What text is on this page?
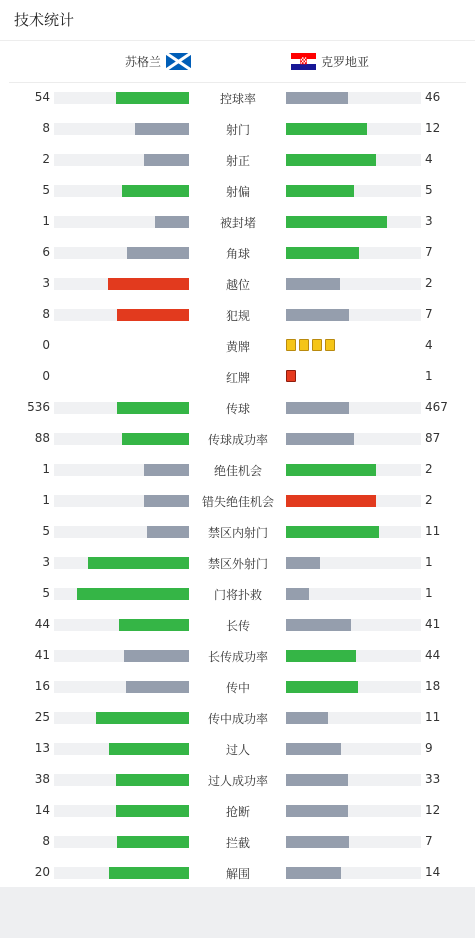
技术统计
苏格兰	克罗地亚
54	控球率	46
8	射门	12
2	射正	4
5	射偏	5
1	被封堵	3
6	角球	7
3	越位	2
8	犯规	7
0	黄牌	4
0	红牌	1
536	传球	467
88	传球成功率	87
1	绝佳机会	2
1	错失绝佳机会	2
5	禁区内射门	11
3	禁区外射门	1
5	门将扑救	1
44	长传	41
41	长传成功率	44
16	传中	18
25	传中成功率	11
13	过人	9
38	过人成功率	33
14	抢断	12
8	拦截	7
20	解围	14
